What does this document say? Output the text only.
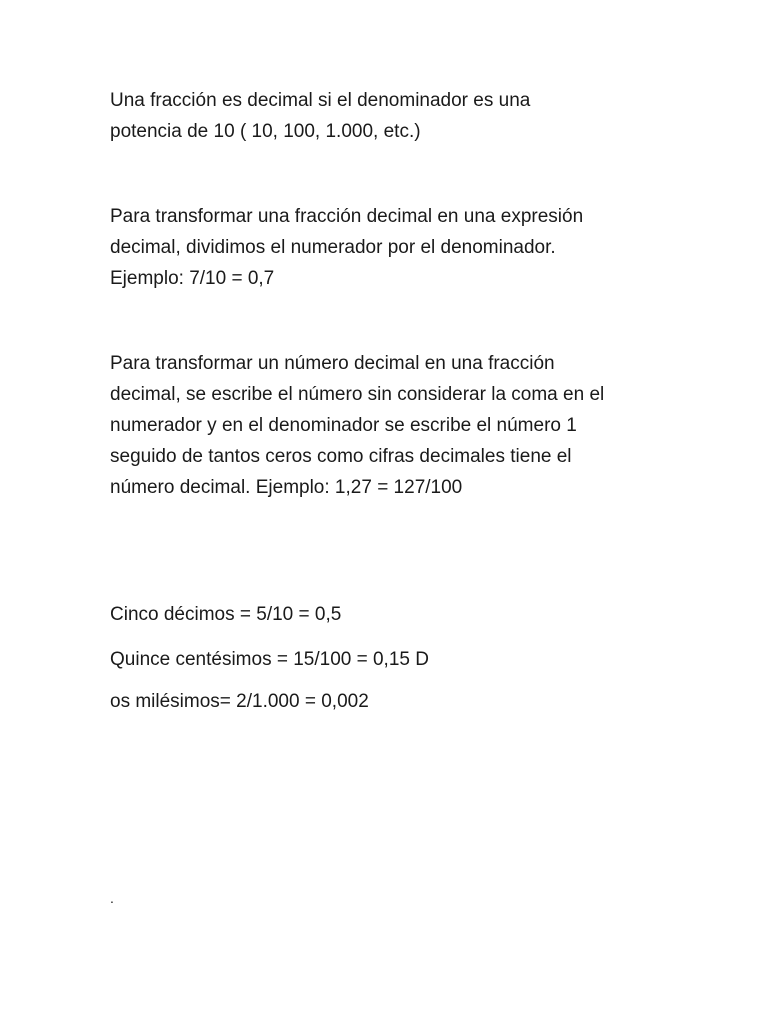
Una fracción es decimal si el denominador es una
potencia de 10 ( 10, 100, 1.000, etc.)

Para transformar una fracción decimal en una expresión
decimal, dividimos el numerador por el denominador.
Ejemplo: 7/10 = 0,7

Para transformar un número decimal en una fracción
decimal, se escribe el número sin considerar la coma en el
numerador y en el denominador se escribe el número 1
seguido de tantos ceros como cifras decimales tiene el
número decimal. Ejemplo: 1,27 = 127/100

Cinco décimos = 5/10 = 0,5

Quince centésimos = 15/100 = 0,15 D

os milésimos= 2/1.000 = 0,002

.
